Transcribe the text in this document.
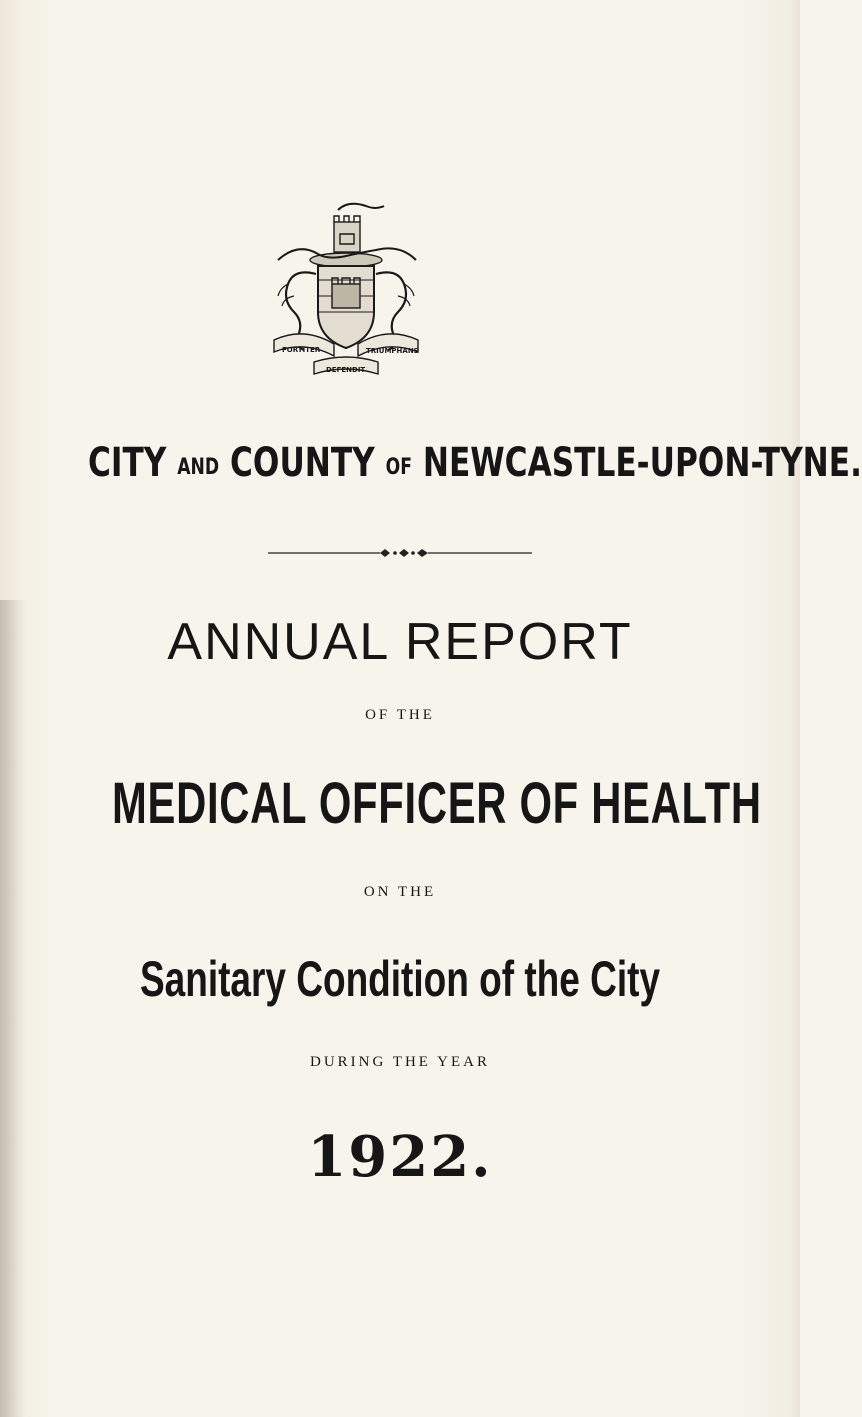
FORTITER	TRIUMPHANS
DEFENDIT
CITY AND COUNTY OF NEWCASTLE-UPON-TYNE.
ANNUAL REPORT
OF THE
MEDICAL OFFICER OF HEALTH
ON THE
Sanitary Condition of the City
DURING THE YEAR
1922.
